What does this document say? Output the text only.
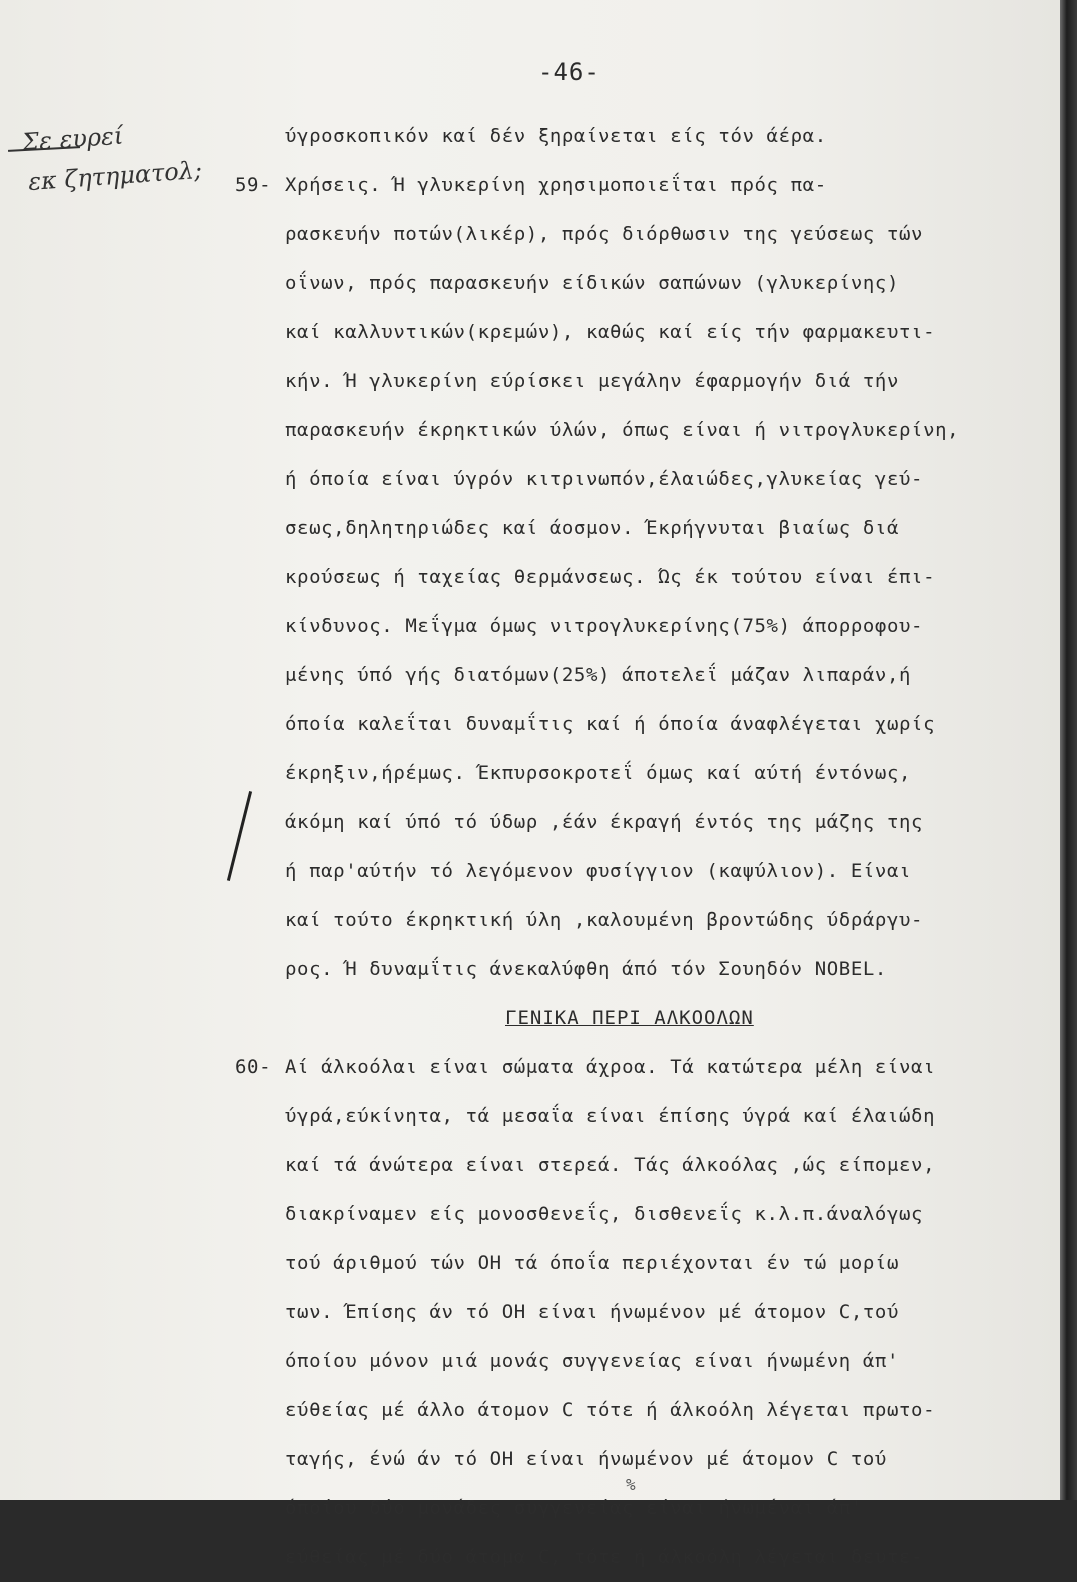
-46-
Σε ευρεί
εκ ζητηματολ;
ύγροσκοπικόν καί δέν ξηραίνεται είς τόν άέρα.
59- Χρήσεις. Ή γλυκερίνη χρησιμοποιεΐται πρός πα-
ρασκευήν ποτών(λικέρ), πρός διόρθωσιν της γεύσεως τών
οΐνων, πρός παρασκευήν είδικών σαπώνων (γλυκερίνης)
καί καλλυντικών(κρεμών), καθώς καί είς τήν φαρμακευτι-
κήν. Ή γλυκερίνη εύρίσκει μεγάλην έφαρμογήν διά τήν
παρασκευήν έκρηκτικών ύλών, όπως είναι ή νιτρογλυκερίνη,
ή όποία είναι ύγρόν κιτρινωπόν,έλαιώδες,γλυκείας γεύ-
σεως,δηλητηριώδες καί άοσμον. Έκρήγνυται βιαίως διά
κρούσεως ή ταχείας θερμάνσεως. Ώς έκ τούτου είναι έπι-
κίνδυνος. Μεΐγμα όμως νιτρογλυκερίνης(75%) άπορροφου-
μένης ύπό γής διατόμων(25%) άποτελεΐ μάζαν λιπαράν,ή
όποία καλεΐται δυναμΐτις καί ή όποία άναφλέγεται χωρίς
έκρηξιν,ήρέμως. Έκπυρσοκροτεΐ όμως καί αύτή έντόνως,
άκόμη καί ύπό τό ύδωρ ,έάν έκραγή έντός της μάζης της
ή παρ'αύτήν τό λεγόμενον φυσίγγιον (καψύλιον). Είναι
καί τούτο έκρηκτική ύλη ,καλουμένη βροντώδης ύδράργυ-
ρος. Ή δυναμΐτις άνεκαλύφθη άπό τόν Σουηδόν NOBEL.
ΓΕΝΙΚΑ ΠΕΡΙ ΑΛΚΟΟΛΩΝ
60- Αί άλκοόλαι είναι σώματα άχροα. Τά κατώτερα μέλη είναι
ύγρά,εύκίνητα, τά μεσαΐα είναι έπίσης ύγρά καί έλαιώδη
καί τά άνώτερα είναι στερεά. Τάς άλκοόλας ,ώς είπομεν,
διακρίναμεν είς μονοσθενεΐς, δισθενεΐς κ.λ.π.άναλόγως
τού άριθμού τών ΟΗ τά όποΐα περιέχονται έν τώ μορίω
των. Έπίσης άν τό ΟΗ είναι ήνωμένον μέ άτομον C,τού
όποίου μόνον μιά μονάς συγγενείας είναι ήνωμένη άπ'
εύθείας μέ άλλο άτομον C τότε ή άλκοόλη λέγεται πρωτο-
ταγής, ένώ άν τό ΟΗ είναι ήνωμένον μέ άτομον C τού
όποίου δύο μονάδες συγγενείας είναι ήνωμέναι άπ'
εύθείας μέ δύο άτομα C, τότε ή άλκοόλη λέγεται δευτε-
%
